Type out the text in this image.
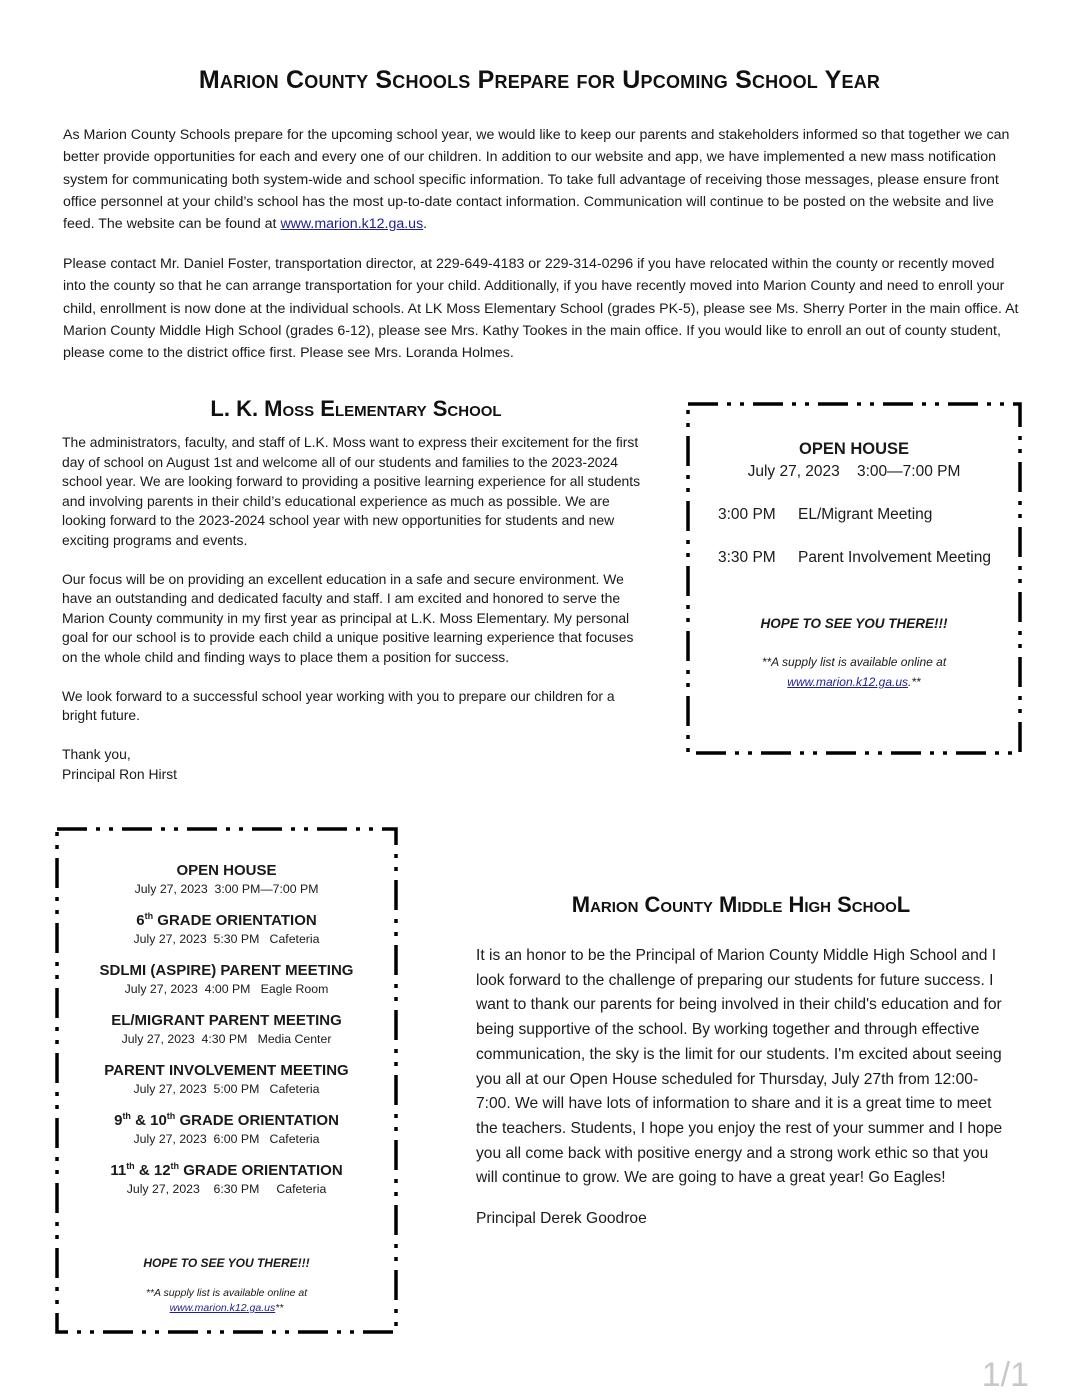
Marion County Schools Prepare for Upcoming School Year
As Marion County Schools prepare for the upcoming school year, we would like to keep our parents and stakeholders informed so that together we can better provide opportunities for each and every one of our children. In addition to our website and app, we have implemented a new mass notification system for communicating both system-wide and school specific information. To take full advantage of receiving those messages, please ensure front office personnel at your child’s school has the most up-to-date contact information. Communication will continue to be posted on the website and live feed. The website can be found at www.marion.k12.ga.us.
Please contact Mr. Daniel Foster, transportation director, at 229-649-4183 or 229-314-0296 if you have relocated within the county or recently moved into the county so that he can arrange transportation for your child. Additionally, if you have recently moved into Marion County and need to enroll your child, enrollment is now done at the individual schools. At LK Moss Elementary School (grades PK-5), please see Ms. Sherry Porter in the main office. At Marion County Middle High School (grades 6-12), please see Mrs. Kathy Tookes in the main office. If you would like to enroll an out of county student, please come to the district office first. Please see Mrs. Loranda Holmes.
L. K. Moss Elementary School

The administrators, faculty, and staff of L.K. Moss want to express their excitement for the first day of school on August 1st and welcome all of our students and families to the 2023-2024 school year. We are looking forward to providing a positive learning experience for all students and involving parents in their child’s educational experience as much as possible. We are looking forward to the 2023-2024 school year with new opportunities for students and new exciting programs and events.

Our focus will be on providing an excellent education in a safe and secure environment. We have an outstanding and dedicated faculty and staff. I am excited and honored to serve the Marion County community in my first year as principal at L.K. Moss Elementary. My personal goal for our school is to provide each child a unique positive learning experience that focuses on the whole child and finding ways to place them a position for success.

We look forward to a successful school year working with you to prepare our children for a bright future.

Thank you,
Principal Ron Hirst
OPEN HOUSE
July 27, 2023    3:00—7:00 PM
3:00 PM EL/Migrant Meeting
3:30 PM Parent Involvement Meeting
HOPE TO SEE YOU THERE!!!
**A supply list is available online at
www.marion.k12.ga.us.**
OPEN HOUSE
July 27, 2023  3:00 PM—7:00 PM
6th GRADE ORIENTATION
July 27, 2023  5:30 PM   Cafeteria
SDLMI (ASPIRE) PARENT MEETING
July 27, 2023  4:00 PM   Eagle Room
EL/MIGRANT PARENT MEETING
July 27, 2023  4:30 PM   Media Center
PARENT INVOLVEMENT MEETING
July 27, 2023  5:00 PM   Cafeteria
9th & 10th GRADE ORIENTATION
July 27, 2023  6:00 PM   Cafeteria
11th & 12th GRADE ORIENTATION
July 27, 2023    6:30 PM     Cafeteria
HOPE TO SEE YOU THERE!!!
**A supply list is available online at
www.marion.k12.ga.us**
Marion County Middle High SchooL

It is an honor to be the Principal of Marion County Middle High School and I look forward to the challenge of preparing our students for future success. I want to thank our parents for being involved in their child's education and for being supportive of the school. By working together and through effective communication, the sky is the limit for our students. I'm excited about seeing you all at our Open House scheduled for Thursday, July 27th from 12:00-7:00. We will have lots of information to share and it is a great time to meet the teachers. Students, I hope you enjoy the rest of your summer and I hope you all come back with positive energy and a strong work ethic so that you will continue to grow. We are going to have a great year! Go Eagles!

Principal Derek Goodroe
1/1
